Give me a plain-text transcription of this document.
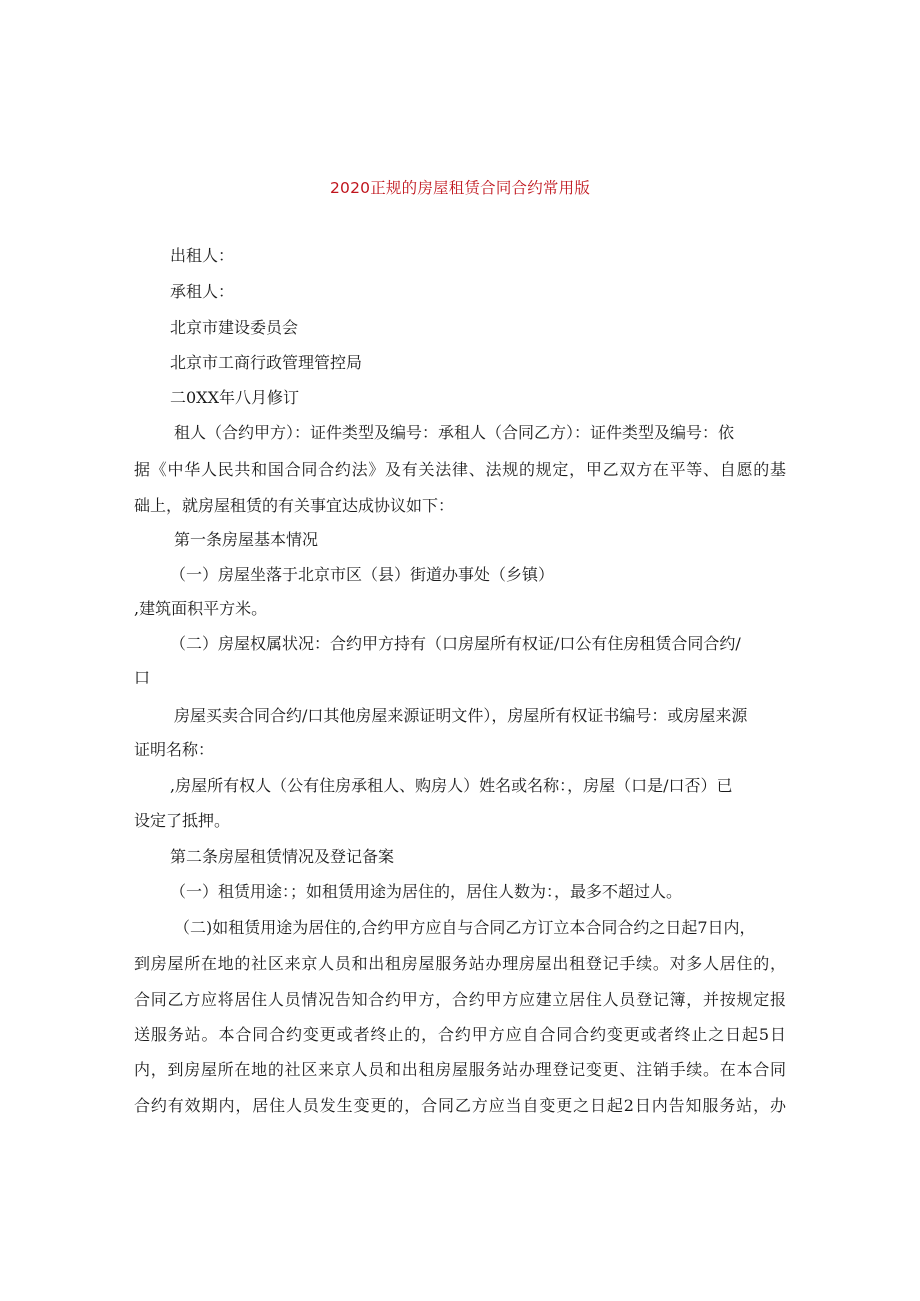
2020正规的房屋租赁合同合约常用版
出租人：
承租人：
北京市建设委员会
北京市工商行政管理管控局
二0XX年八月修订
租人（合约甲方）：证件类型及编号：承租人（合同乙方）：证件类型及编号：依
据《中华人民共和国合同合约法》及有关法律、法规的规定，甲乙双方在平等、自愿的基
础上，就房屋租赁的有关事宜达成协议如下：
第一条房屋基本情况
（一）房屋坐落于北京市区（县）街道办事处（乡镇）
,建筑面积平方米。
（二）房屋权属状况：合约甲方持有（口房屋所有权证/口公有住房租赁合同合约/
口
房屋买卖合同合约/口其他房屋来源证明文件），房屋所有权证书编号：或房屋来源
证明名称：
,房屋所有权人（公有住房承租人、购房人）姓名或名称：，房屋（口是/口否）已
设定了抵押。
第二条房屋租赁情况及登记备案
（一）租赁用途：；如租赁用途为居住的，居住人数为：，最多不超过人。
（二)如租赁用途为居住的,合约甲方应自与合同乙方订立本合同合约之日起7日内，
到房屋所在地的社区来京人员和出租房屋服务站办理房屋出租登记手续。对多人居住的，
合同乙方应将居住人员情况告知合约甲方，合约甲方应建立居住人员登记簿，并按规定报
送服务站。本合同合约变更或者终止的，合约甲方应自合同合约变更或者终止之日起5日
内，到房屋所在地的社区来京人员和出租房屋服务站办理登记变更、注销手续。在本合同
合约有效期内，居住人员发生变更的，合同乙方应当自变更之日起2日内告知服务站，办
